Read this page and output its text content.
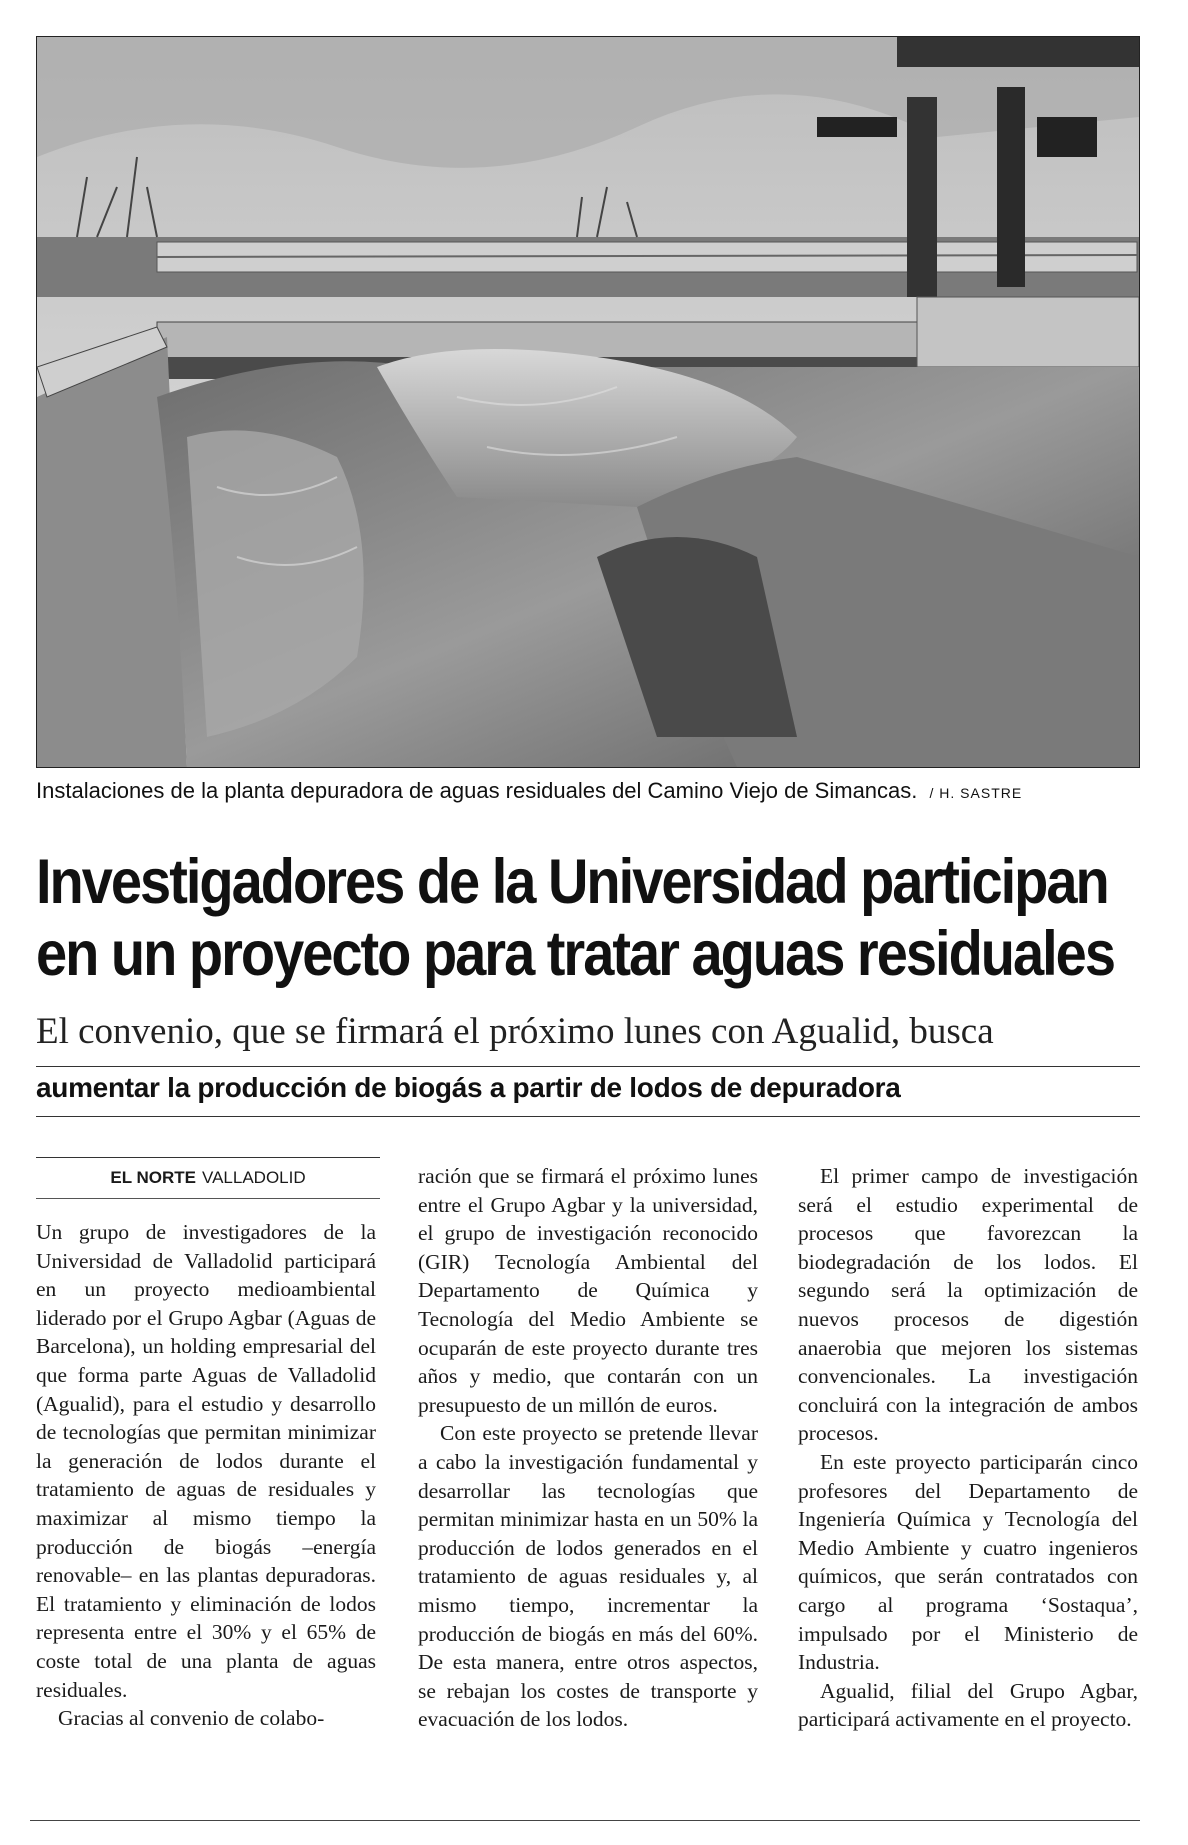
Instalaciones de la planta depuradora de aguas residuales del Camino Viejo de Simancas. / H. SASTRE
Investigadores de la Universidad participan
en un proyecto para tratar aguas residuales
El convenio, que se firmará el próximo lunes con Agualid, busca
aumentar la producción de biogás a partir de lodos de depuradora
EL NORTE VALLADOLID

Un grupo de investigadores de la Universidad de Valladolid participará en un proyecto medioambiental liderado por el Grupo Agbar (Aguas de Barcelona), un holding empresarial del que forma parte Aguas de Valladolid (Agualid), para el estudio y desarrollo de tecnologías que permitan minimizar la generación de lodos durante el tratamiento de aguas de residuales y maximizar al mismo tiempo la producción de biogás –energía renovable– en las plantas depuradoras. El tratamiento y eliminación de lodos representa entre el 30% y el 65% de coste total de una planta de aguas residuales.

Gracias al convenio de colabo-

ración que se firmará el próximo lunes entre el Grupo Agbar y la universidad, el grupo de investigación reconocido (GIR) Tecnología Ambiental del Departamento de Química y Tecnología del Medio Ambiente se ocuparán de este proyecto durante tres años y medio, que contarán con un presupuesto de un millón de euros.

Con este proyecto se pretende llevar a cabo la investigación fundamental y desarrollar las tecnologías que permitan minimizar hasta en un 50% la producción de lodos generados en el tratamiento de aguas residuales y, al mismo tiempo, incrementar la producción de biogás en más del 60%. De esta manera, entre otros aspectos, se rebajan los costes de transporte y evacuación de los lodos.

El primer campo de investigación será el estudio experimental de procesos que favorezcan la biodegradación de los lodos. El segundo será la optimización de nuevos procesos de digestión anaerobia que mejoren los sistemas convencionales. La investigación concluirá con la integración de ambos procesos.

En este proyecto participarán cinco profesores del Departamento de Ingeniería Química y Tecnología del Medio Ambiente y cuatro ingenieros químicos, que serán contratados con cargo al programa ‘Sostaqua’, impulsado por el Ministerio de Industria.

Agualid, filial del Grupo Agbar, participará activamente en el proyecto.
